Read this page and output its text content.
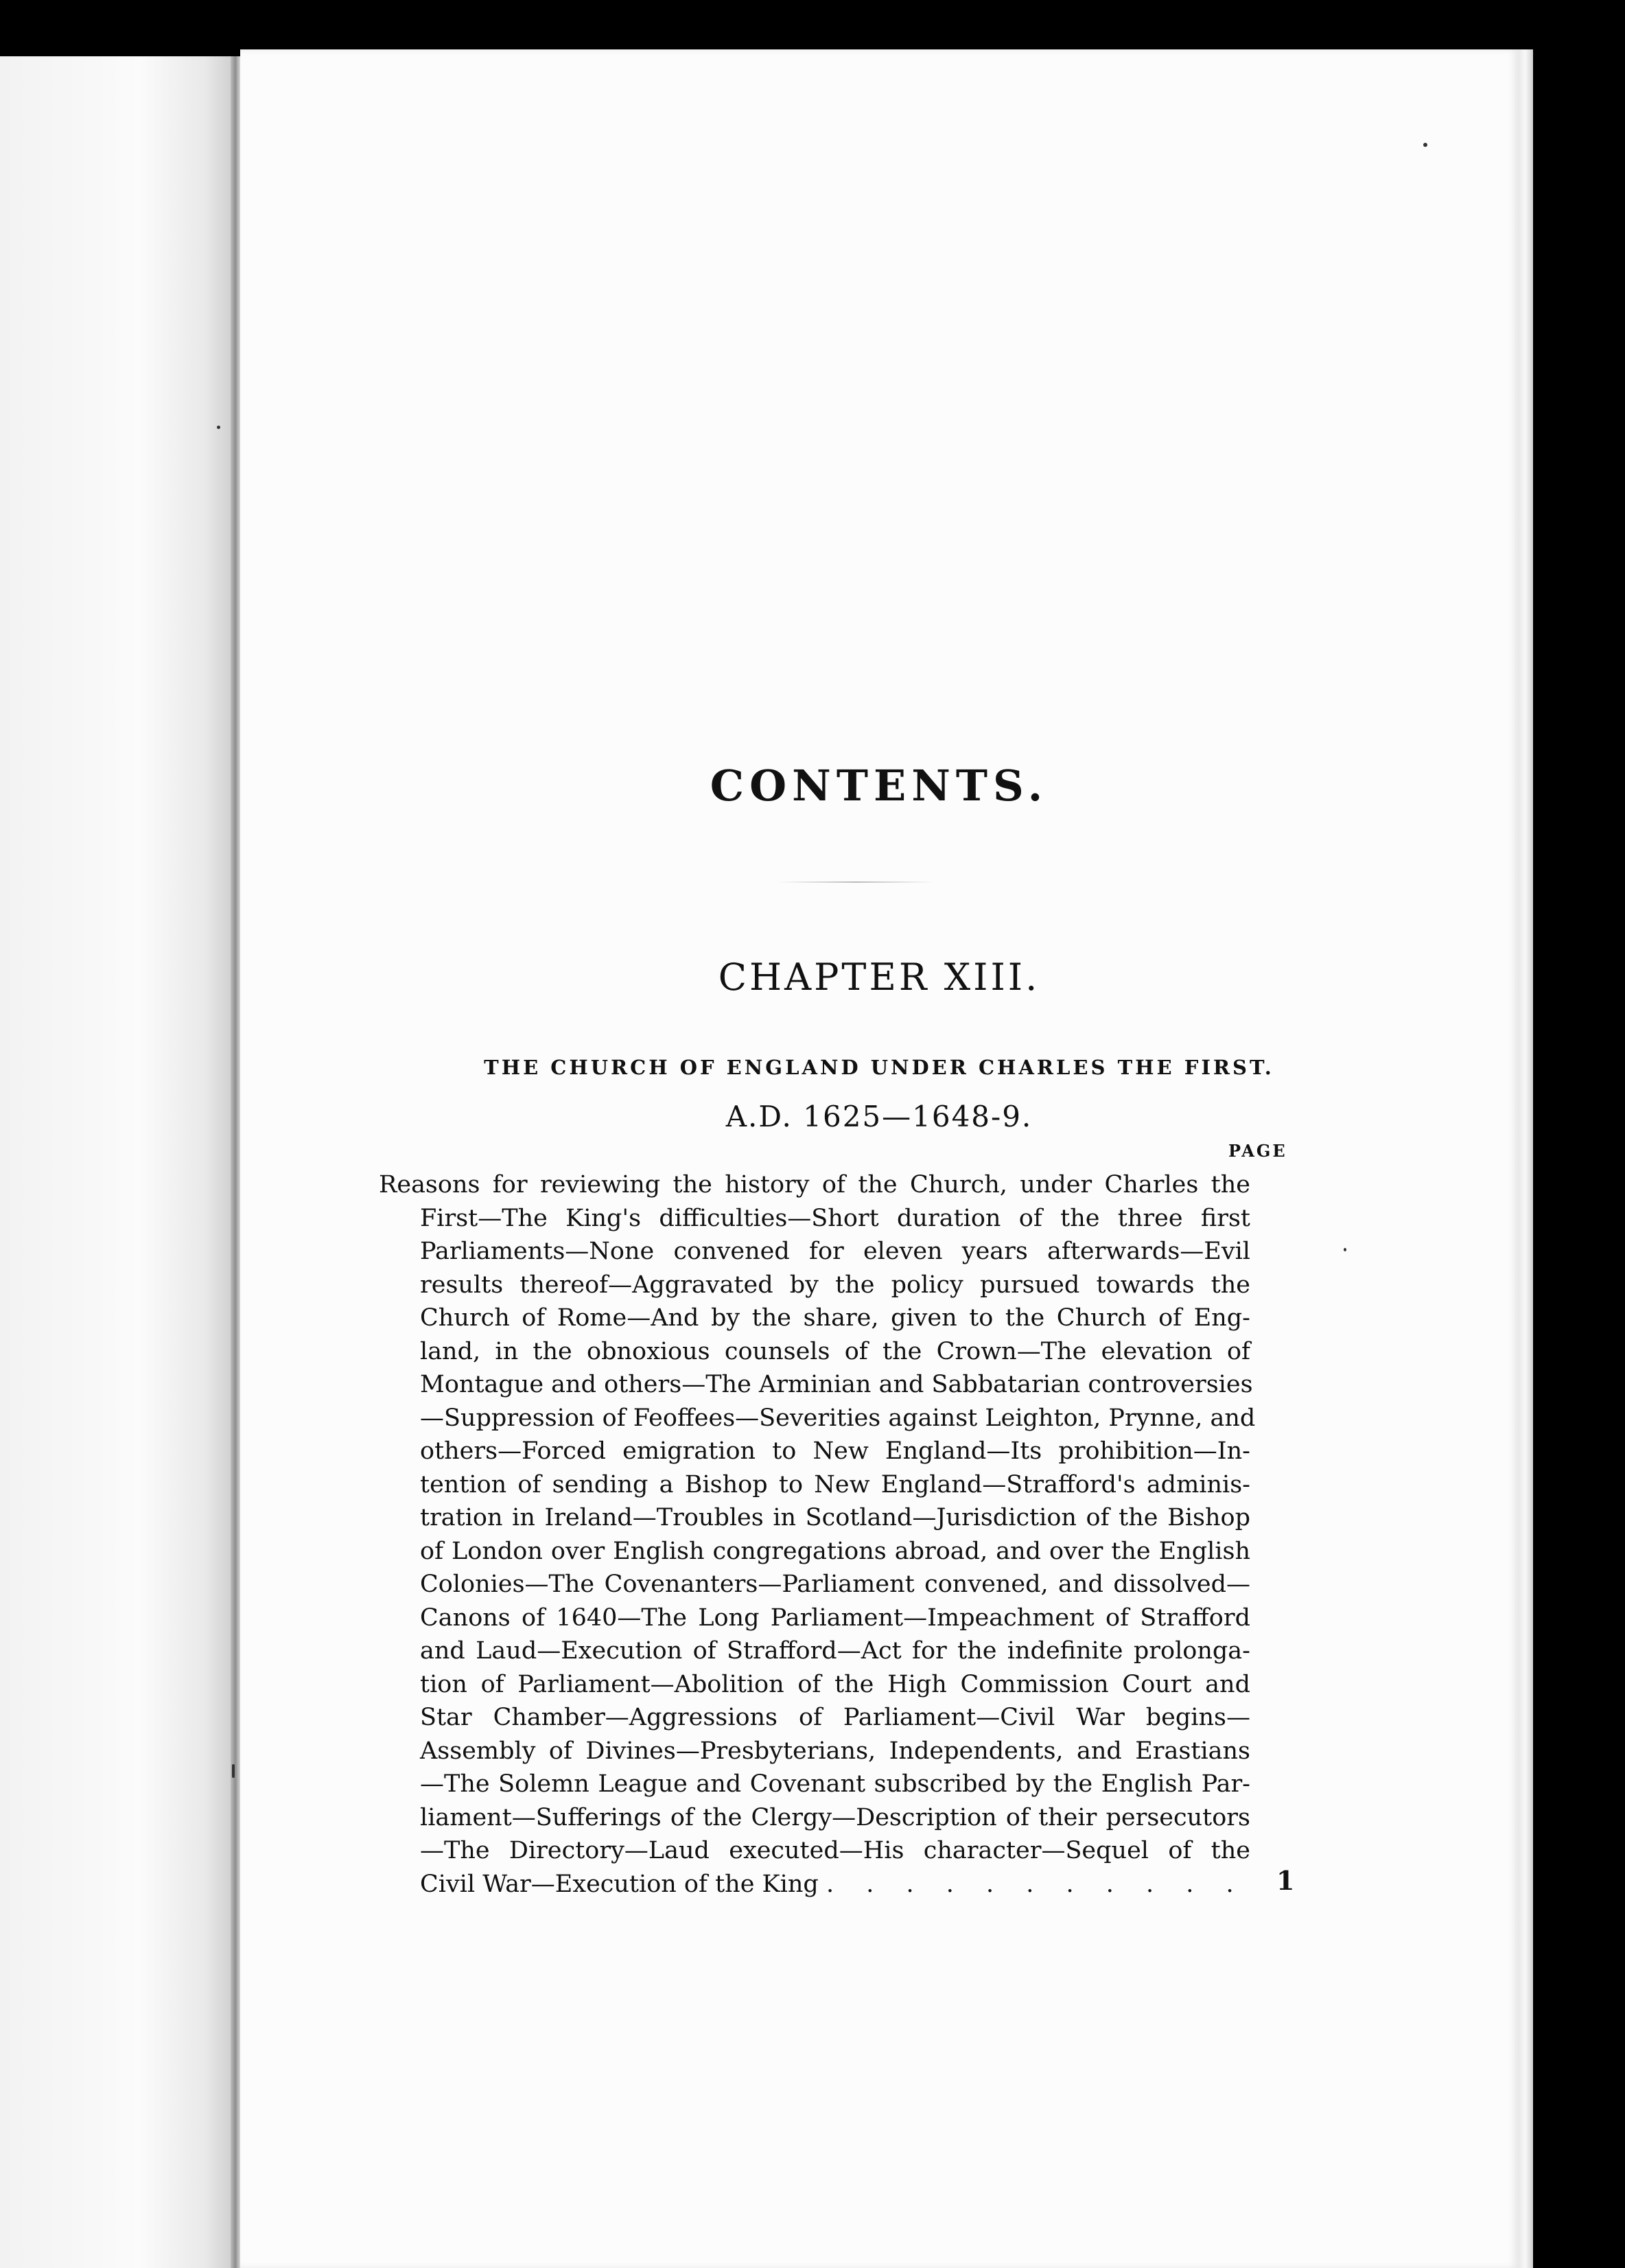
CONTENTS.
CHAPTER XIII.
THE CHURCH OF ENGLAND UNDER CHARLES THE FIRST.
A.D. 1625—1648-9.
PAGE
Reasons for reviewing the history of the Church, under Charles the
First—The King's difficulties—Short duration of the three first
Parliaments—None convened for eleven years afterwards—Evil
results thereof—Aggravated by the policy pursued towards the
Church of Rome—And by the share, given to the Church of Eng-
land, in the obnoxious counsels of the Crown—The elevation of
Montague and others—The Arminian and Sabbatarian controversies
—Suppression of Feoffees—Severities against Leighton, Prynne, and
others—Forced emigration to New England—Its prohibition—In-
tention of sending a Bishop to New England—Strafford's adminis-
tration in Ireland—Troubles in Scotland—Jurisdiction of the Bishop
of London over English congregations abroad, and over the English
Colonies—The Covenanters—Parliament convened, and dissolved—
Canons of 1640—The Long Parliament—Impeachment of Strafford
and Laud—Execution of Strafford—Act for the indefinite prolonga-
tion of Parliament—Abolition of the High Commission Court and
Star Chamber—Aggressions of Parliament—Civil War begins—
Assembly of Divines—Presbyterians, Independents, and Erastians
—The Solemn League and Covenant subscribed by the English Par-
liament—Sufferings of the Clergy—Description of their persecutors
—The Directory—Laud executed—His character—Sequel of the
Civil War—Execution of the King . . . . . . . . . . . 1
